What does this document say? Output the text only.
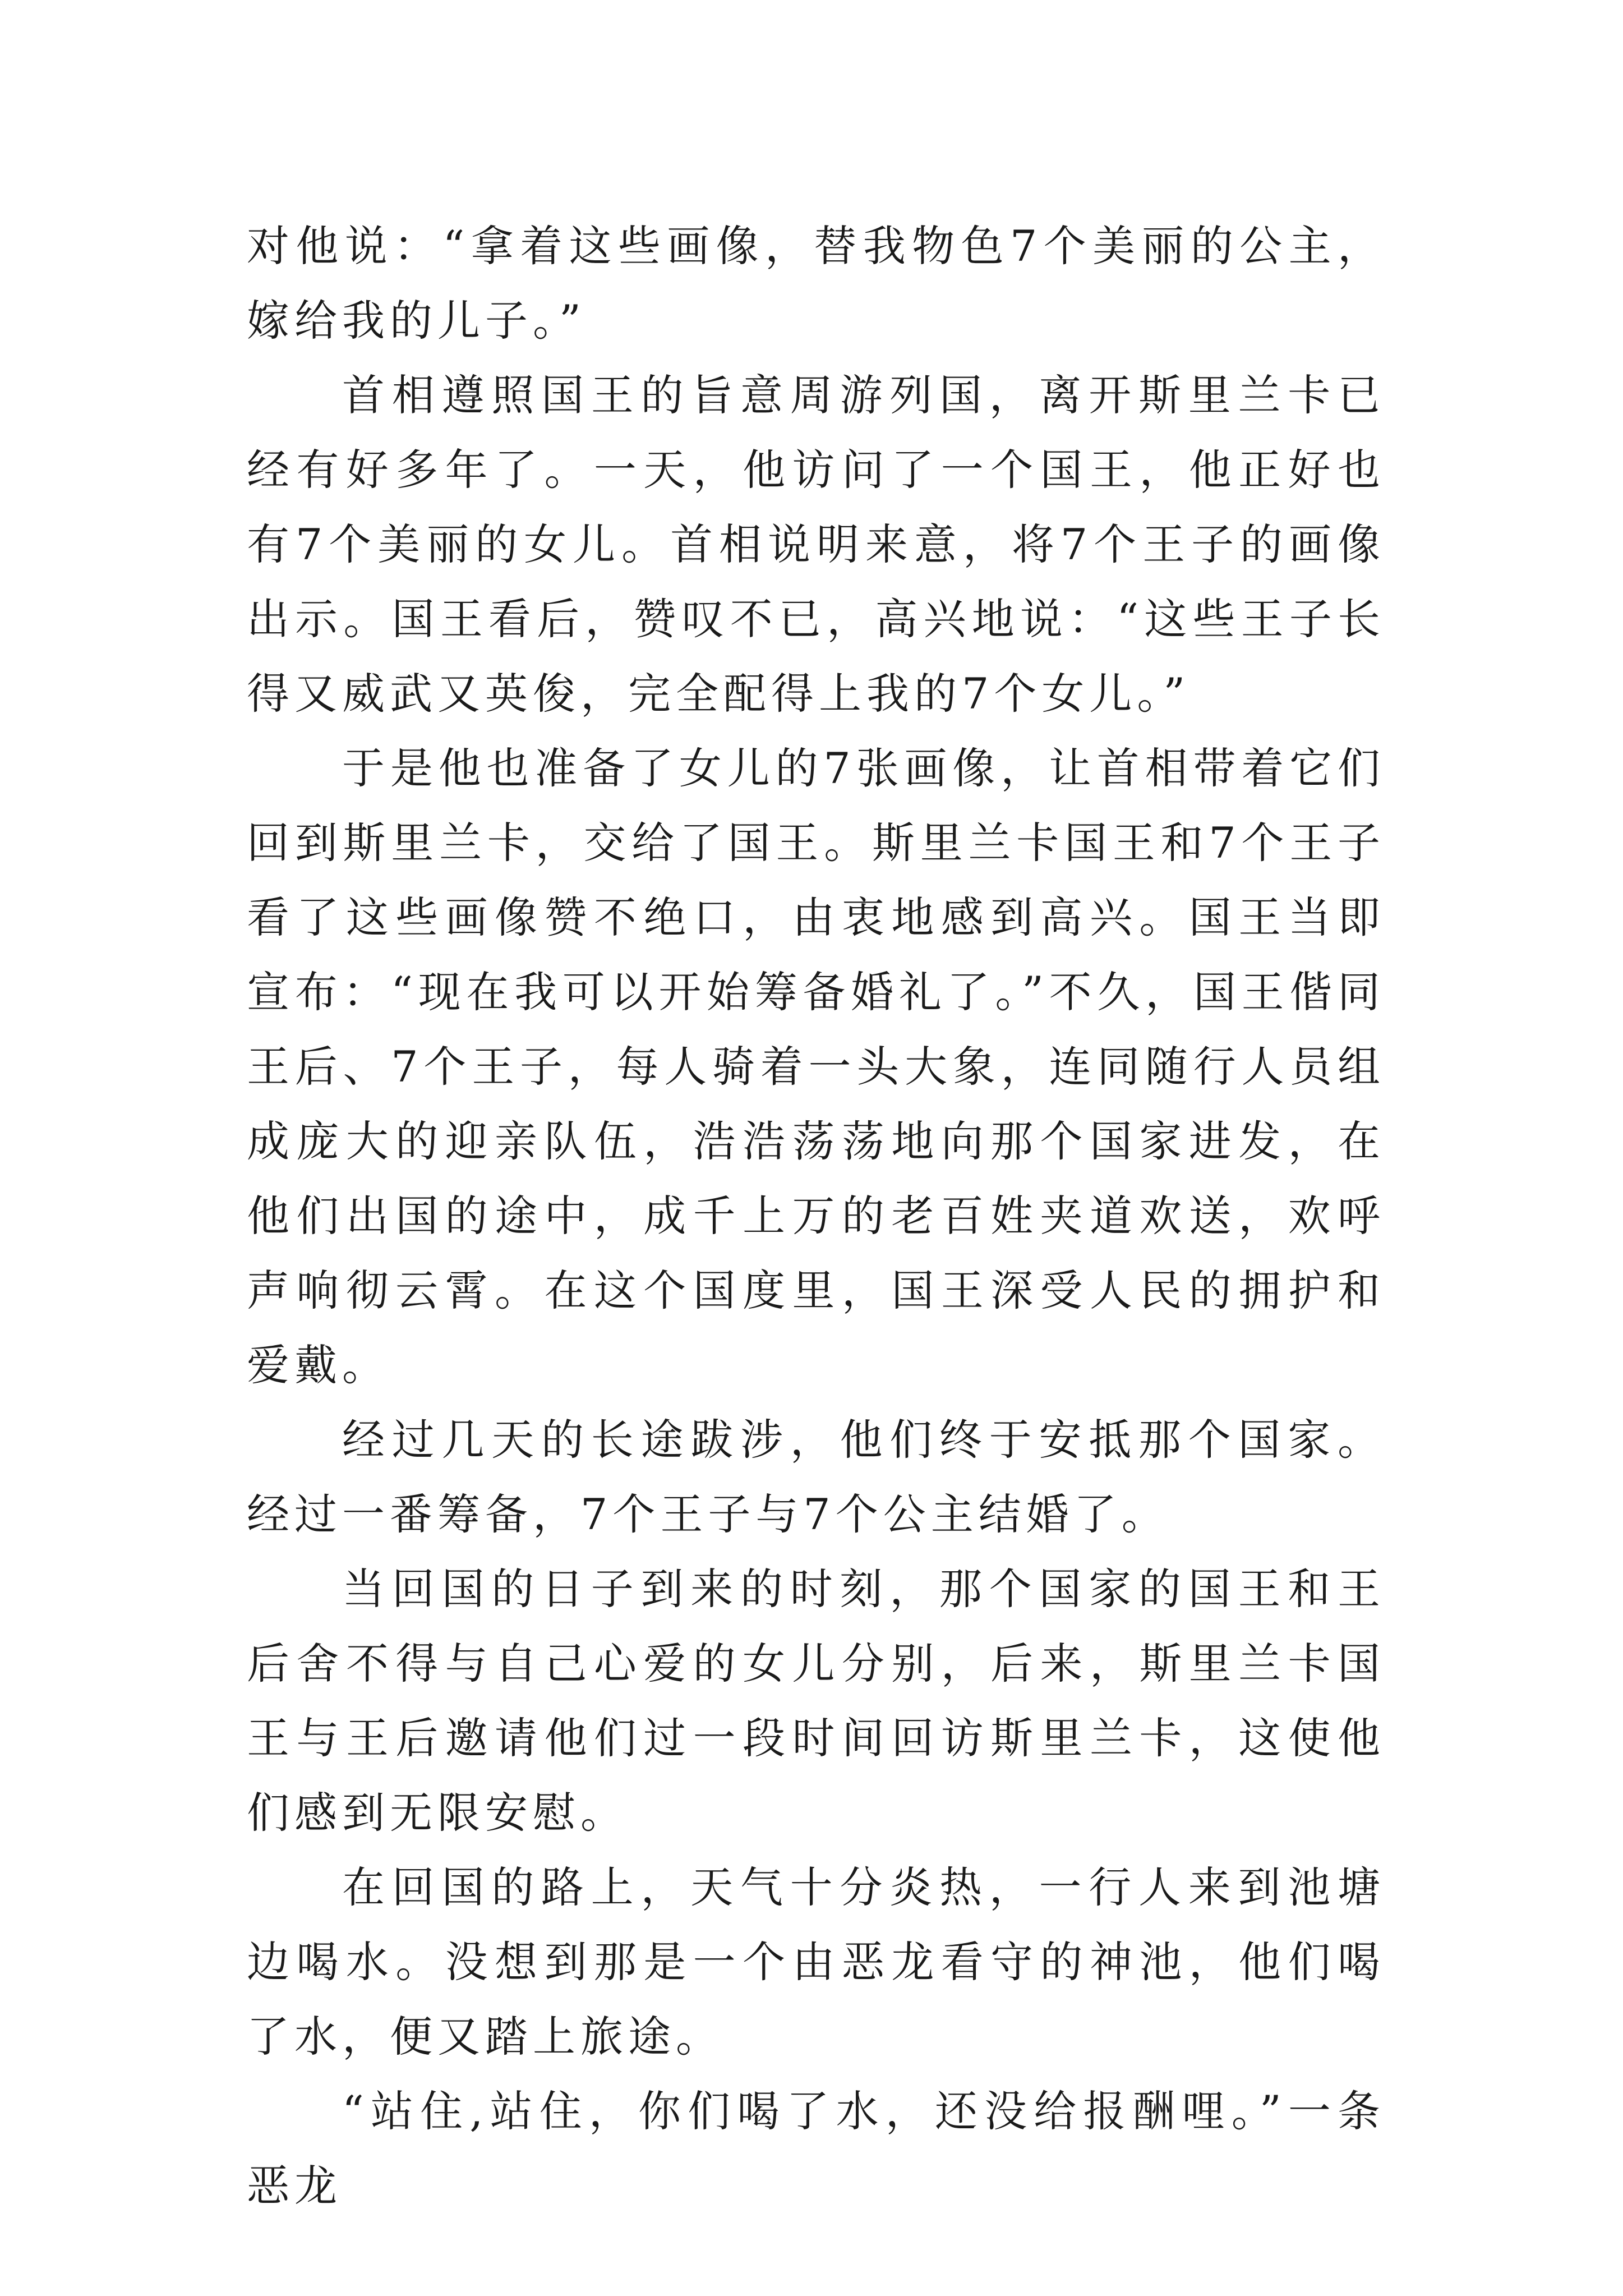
对他说：“拿着这些画像，替我物色7个美丽的公主，嫁给我的儿子。”

首相遵照国王的旨意周游列国，离开斯里兰卡已经有好多年了。一天，他访问了一个国王，他正好也有7个美丽的女儿。首相说明来意，将7个王子的画像出示。国王看后，赞叹不已，高兴地说：“这些王子长得又威武又英俊，完全配得上我的7个女儿。”

于是他也准备了女儿的7张画像，让首相带着它们回到斯里兰卡，交给了国王。斯里兰卡国王和7个王子看了这些画像赞不绝口，由衷地感到高兴。国王当即宣布：“现在我可以开始筹备婚礼了。”不久，国王偕同王后、7个王子，每人骑着一头大象，连同随行人员组成庞大的迎亲队伍，浩浩荡荡地向那个国家进发，在他们出国的途中，成千上万的老百姓夹道欢送，欢呼声响彻云霄。在这个国度里，国王深受人民的拥护和爱戴。

经过几天的长途跋涉，他们终于安抵那个国家。经过一番筹备，7个王子与7个公主结婚了。

当回国的日子到来的时刻，那个国家的国王和王后舍不得与自己心爱的女儿分别，后来，斯里兰卡国王与王后邀请他们过一段时间回访斯里兰卡，这使他们感到无限安慰。

在回国的路上，天气十分炎热，一行人来到池塘边喝水。没想到那是一个由恶龙看守的神池，他们喝了水，便又踏上旅途。

“站住,站住，你们喝了水，还没给报酬哩。”一条恶龙
